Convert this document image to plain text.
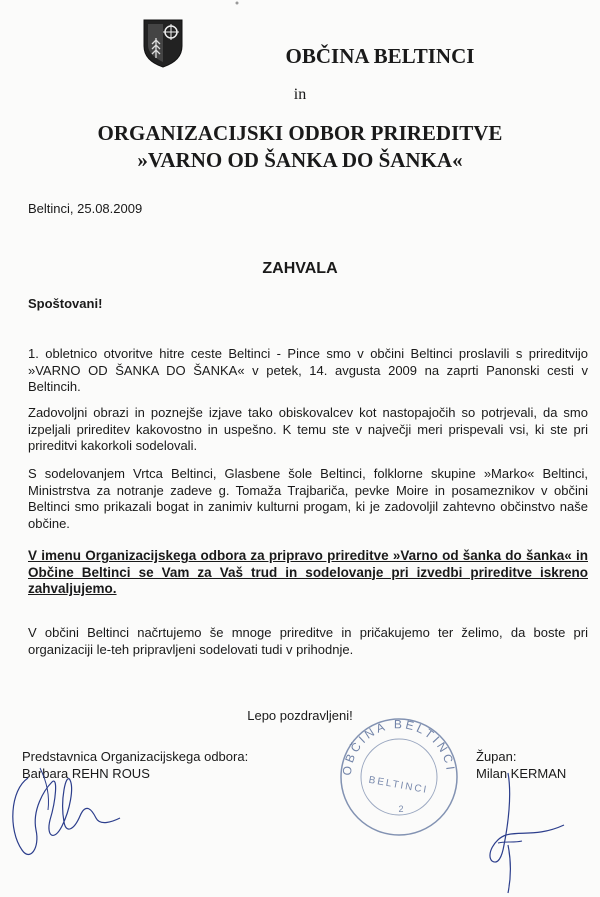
OBČINA BELTINCI
in
ORGANIZACIJSKI ODBOR PRIREDITVE
»VARNO OD ŠANKA DO ŠANKA«
Beltinci, 25.08.2009
ZAHVALA
Spoštovani!
1. obletnico otvoritve hitre ceste Beltinci - Pince smo v občini Beltinci proslavili s prireditvijo »VARNO OD ŠANKA DO ŠANKA« v petek, 14. avgusta 2009 na zaprti Panonski cesti v Beltincih.
Zadovoljni obrazi in poznejše izjave tako obiskovalcev kot nastopajočih so potrjevali, da smo izpeljali prireditev kakovostno in uspešno. K temu ste v največji meri prispevali vsi, ki ste pri prireditvi kakorkoli sodelovali.
S sodelovanjem Vrtca Beltinci, Glasbene šole Beltinci, folklorne skupine »Marko« Beltinci, Ministrstva za notranje zadeve g. Tomaža Trajbariča, pevke Moire in posameznikov v občini Beltinci smo prikazali bogat in zanimiv kulturni progam, ki je zadovoljil zahtevno občinstvo naše občine.
V imenu Organizacijskega odbora za pripravo prireditve »Varno od šanka do šanka« in Občine Beltinci se Vam za Vaš trud in sodelovanje pri izvedbi prireditve iskreno zahvaljujemo.
V občini Beltinci načrtujemo še mnoge prireditve in pričakujemo ter želimo, da boste pri organizaciji le-teh pripravljeni sodelovati tudi v prihodnje.
Lepo pozdravljeni!
Predstavnica Organizacijskega odbora:
Barbara REHN ROUS
Župan:
Milan KERMAN
OBČINA BELTINCI
BELTINCI
2
